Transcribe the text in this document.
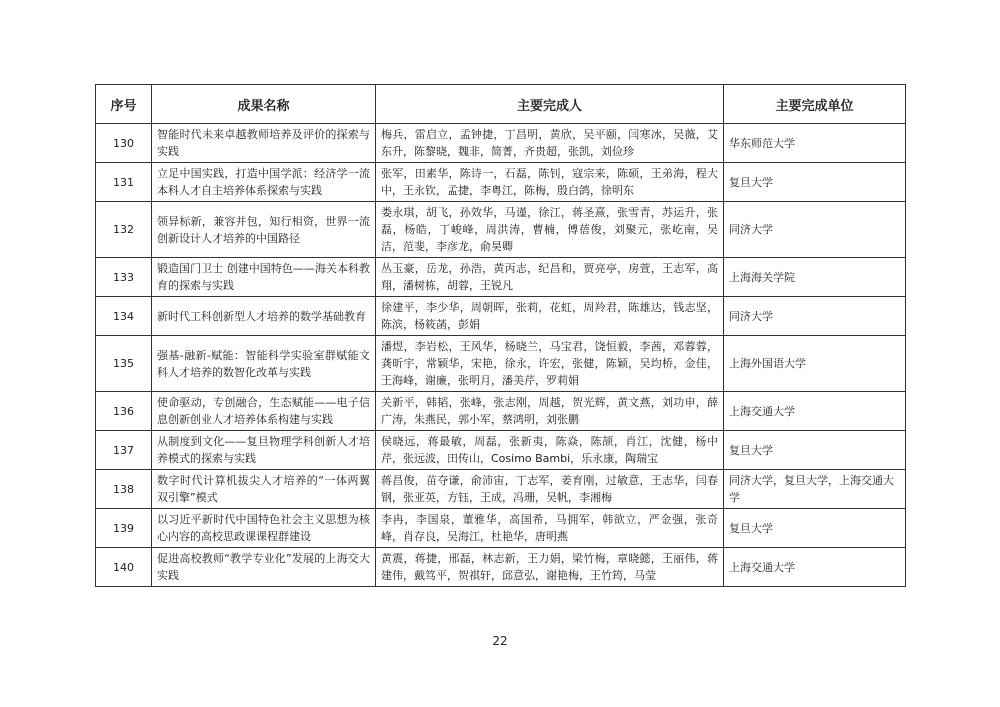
序号	成果名称	主要完成人	主要完成单位
130	智能时代未来卓越教师培养及评价的探索与实践	梅兵，雷启立，孟钟捷，丁昌明，黄欣，吴平颐，闫寒冰，吴薇，艾东升，陈黎晓，魏非，简菁，齐贵超，张凯，刘俭珍	华东师范大学
131	立足中国实践，打造中国学派：经济学一流本科人才自主培养体系探索与实践	张军，田素华，陈诗一，石磊，陈钊，寇宗来，陈硕，王弟海，程大中，王永钦，孟捷，李粤江，陈梅，殷白鸽，徐明东	复旦大学
132	领异标新，兼容并包，知行相资，世界一流创新设计人才培养的中国路径	娄永琪，胡飞，孙效华，马谨，徐江，蒋圣熹，张雪青，苏运升，张磊，杨皓，丁峻峰，周洪涛，曹楠，傅蓓俊，刘聚元，张屹南，吴洁，范斐，李彦龙，俞昊卿	同济大学
133	锻造国门卫士 创建中国特色——海关本科教育的探索与实践	丛玉豪，岳龙，孙浩，黄丙志，纪昌和，贾亮亭，房萱，王志军，高翔，潘树栋，胡蓉，王锐凡	上海海关学院
134	新时代工科创新型人才培养的数学基础教育	徐建平，李少华，周朝晖，张莉，花虹，周羚君，陈雄达，钱志坚，陈滨，杨筱菡，彭娟	同济大学
135	强基-融新-赋能：智能科学实验室群赋能文科人才培养的数智化改革与实践	潘煜，李岩松，王风华，杨晓兰，马宝君，饶恒毅，李茜，邓蓉蓉，龚昕宇，常颖华，宋艳，徐永，许宏，张健，陈颖，吴均桥，金佳，王海峰，谢廉，张明月，潘美芹，罗莉娟	上海外国语大学
136	使命驱动，专创融合，生态赋能——电子信息创新创业人才培养体系构建与实践	关新平，韩韬，张峰，张志刚，周越，贺光辉，黄文燕，刘功申，薛广涛，朱燕民，郭小军，蔡鸿明，刘张鹏	上海交通大学
137	从制度到文化——复旦物理学科创新人才培养模式的探索与实践	侯晓远，蒋最敏，周磊，张新夷，陈焱，陈颉，肖江，沈健，杨中芹，张远波，田传山，Cosimo Bambi，乐永康，陶瑞宝	复旦大学
138	数字时代计算机拔尖人才培养的“一体两翼双引擎”模式	蒋昌俊，苗夺谦，俞沛宙，丁志军，姜育刚，过敏意，王志华，闫春钢，张亚英，方钰，王成，冯珊，吴帆，李湘梅	同济大学，复旦大学，上海交通大学
139	以习近平新时代中国特色社会主义思想为核心内容的高校思政课课程群建设	李冉，李国泉，董雅华，高国希，马拥军，韩欲立，严金强，张奇峰，肖存良，吴海江，杜艳华，唐明燕	复旦大学
140	促进高校教师“教学专业化”发展的上海交大实践	黄震，蒋捷，邢磊，林志新，王力娟，梁竹梅，章晓懿，王丽伟，蒋建伟，戴笃平，贺祺轩，邱意弘，谢艳梅，王竹筠，马莹	上海交通大学
22
